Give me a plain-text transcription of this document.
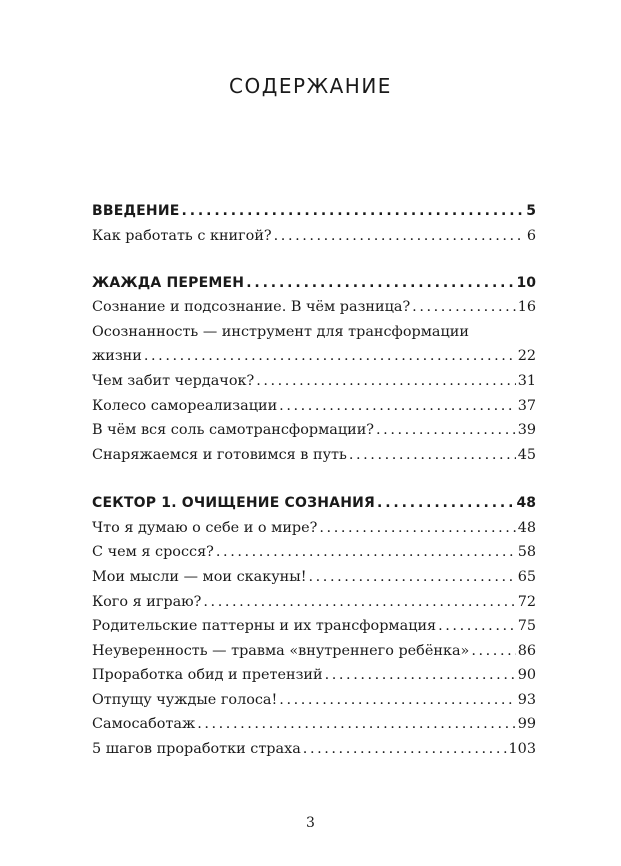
СОДЕРЖАНИЕ
ВВЕДЕНИЕ . . .	5
Как работать с книгой? . . .	6
ЖАЖДА ПЕРЕМЕН . . .	10
Сознание и подсознание. В чём разница? . . .	16
Осознанность — инструмент для трансформации
жизни . . .	22
Чем забит чердачок? . . .	31
Колесо самореализации . . .	37
В чём вся соль самотрансформации? . . .	39
Снаряжаемся и готовимся в путь . . .	45
СЕКТОР 1. ОЧИЩЕНИЕ СОЗНАНИЯ . . .	48
Что я думаю о себе и о мире? . . .	48
С чем я сросся? . . .	58
Мои мысли — мои скакуны! . . .	65
Кого я играю? . . .	72
Родительские паттерны и их трансформация . . .	75
Неуверенность — травма «внутреннего ребёнка» . . .	86
Проработка обид и претензий . . .	90
Отпущу чуждые голоса! . . .	93
Самосаботаж . . .	99
5 шагов проработки страха . . .	103
3
